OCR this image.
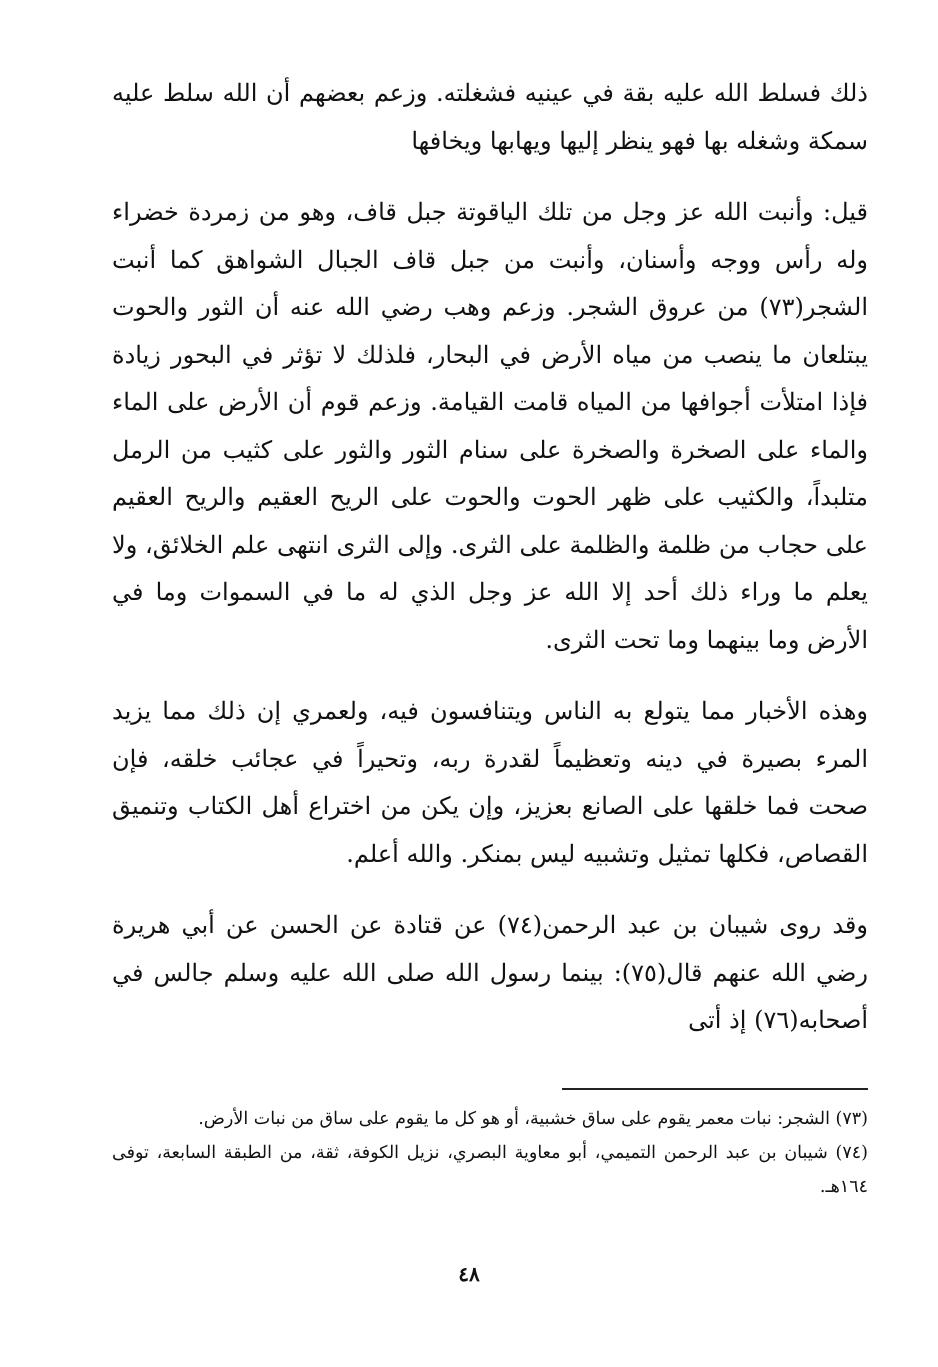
ذلك فسلط الله عليه بقة في عينيه فشغلته. وزعم بعضهم أن الله سلط عليه سمكة وشغله بها فهو ينظر إليها ويهابها ويخافها

قيل: وأنبت الله عز وجل من تلك الياقوتة جبل قاف، وهو من زمردة خضراء وله رأس ووجه وأسنان، وأنبت من جبل قاف الجبال الشواهق كما أنبت الشجر(٧٣) من عروق الشجر. وزعم وهب رضي الله عنه أن الثور والحوت يبتلعان ما ينصب من مياه الأرض في البحار، فلذلك لا تؤثر في البحور زيادة فإذا امتلأت أجوافها من المياه قامت القيامة. وزعم قوم أن الأرض على الماء والماء على الصخرة والصخرة على سنام الثور والثور على كثيب من الرمل متلبداً، والكثيب على ظهر الحوت والحوت على الريح العقيم والريح العقيم على حجاب من ظلمة والظلمة على الثرى. وإلى الثرى انتهى علم الخلائق، ولا يعلم ما وراء ذلك أحد إلا الله عز وجل الذي له ما في السموات وما في الأرض وما بينهما وما تحت الثرى.

وهذه الأخبار مما يتولع به الناس ويتنافسون فيه، ولعمري إن ذلك مما يزيد المرء بصيرة في دينه وتعظيماً لقدرة ربه، وتحيراً في عجائب خلقه، فإن صحت فما خلقها على الصانع بعزيز، وإن يكن من اختراع أهل الكتاب وتنميق القصاص، فكلها تمثيل وتشبيه ليس بمنكر. والله أعلم.

وقد روى شيبان بن عبد الرحمن(٧٤) عن قتادة عن الحسن عن أبي هريرة رضي الله عنهم قال(٧٥): بينما رسول الله صلى الله عليه وسلم جالس في أصحابه(٧٦) إذ أتى

(٧٣) الشجر: نبات معمر يقوم على ساق خشبية، أو هو كل ما يقوم على ساق من نبات الأرض.

(٧٤) شيبان بن عبد الرحمن التميمي، أبو معاوية البصري، نزيل الكوفة، ثقة، من الطبقة السابعة، توفى ١٦٤هـ.

٤٨
